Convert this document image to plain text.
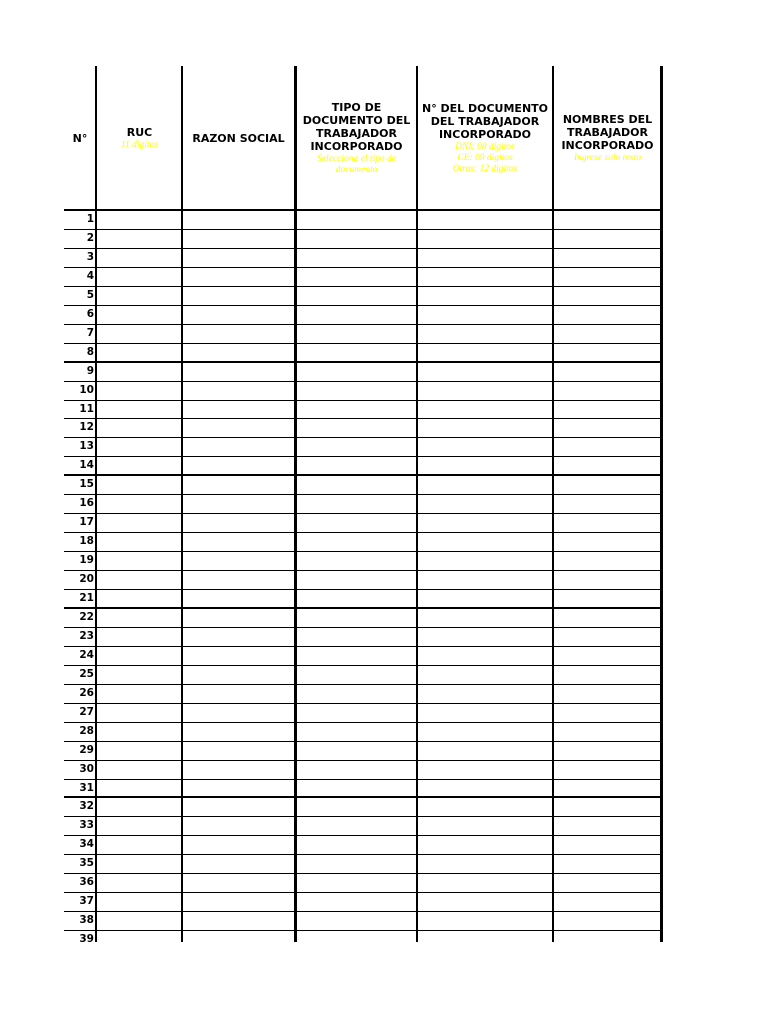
N°	RUC
11 digitos	RAZON SOCIAL
TIPO DE
DOCUMENTO DEL
TRABAJADOR
INCORPORADO
Selecciona el tipo de
documento
N° DEL DOCUMENTO
DEL TRABAJADOR
INCORPORADO
DNI: 08 digitos
CE: 09 digitos
Otros: 12 digitos
NOMBRES DEL
TRABAJADOR
INCORPORADO
Ingrese solo texto
1
2
3
4
5
6
7
8
9
10
11
12
13
14
15
16
17
18
19
20
21
22
23
24
25
26
27
28
29
30
31
32
33
34
35
36
37
38
39
